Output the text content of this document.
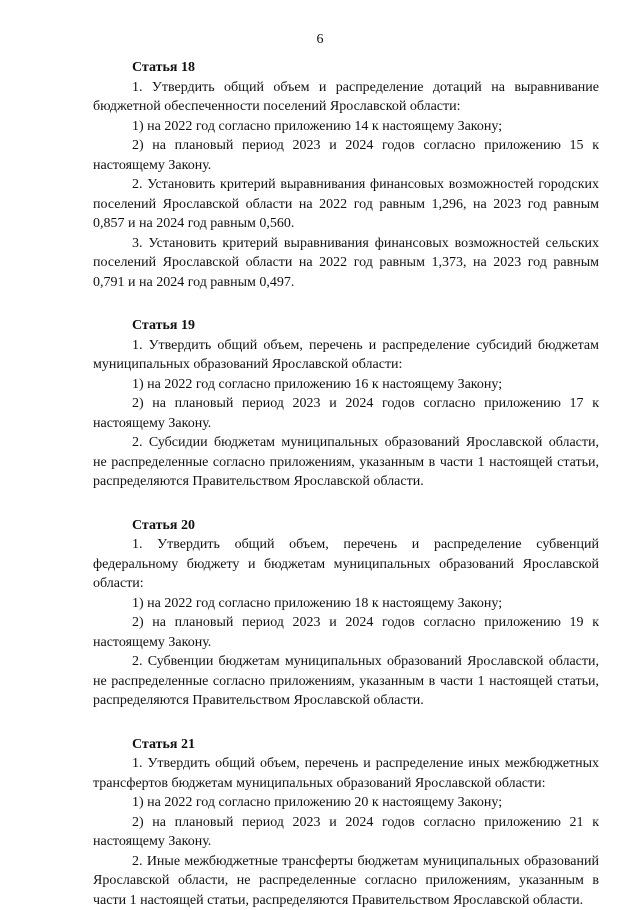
6

Статья 18

1. Утвердить общий объем и распределение дотаций на выравнивание бюджетной обеспеченности поселений Ярославской области:

1) на 2022 год согласно приложению 14 к настоящему Закону;

2) на плановый период 2023 и 2024 годов согласно приложению 15 к настоящему Закону.

2. Установить критерий выравнивания финансовых возможностей городских поселений Ярославской области на 2022 год равным 1,296, на 2023 год равным 0,857 и на 2024 год равным 0,560.

3. Установить критерий выравнивания финансовых возможностей сельских поселений Ярославской области на 2022 год равным 1,373, на 2023 год равным 0,791 и на 2024 год равным 0,497.

Статья 19

1. Утвердить общий объем, перечень и распределение субсидий бюджетам муниципальных образований Ярославской области:

1) на 2022 год согласно приложению 16 к настоящему Закону;

2) на плановый период 2023 и 2024 годов согласно приложению 17 к настоящему Закону.

2. Субсидии бюджетам муниципальных образований Ярославской области, не распределенные согласно приложениям, указанным в части 1 настоящей статьи, распределяются Правительством Ярославской области.

Статья 20

1. Утвердить общий объем, перечень и распределение субвенций федеральному бюджету и бюджетам муниципальных образований Ярославской области:

1) на 2022 год согласно приложению 18 к настоящему Закону;

2) на плановый период 2023 и 2024 годов согласно приложению 19 к настоящему Закону.

2. Субвенции бюджетам муниципальных образований Ярославской области, не распределенные согласно приложениям, указанным в части 1 настоящей статьи, распределяются Правительством Ярославской области.

Статья 21

1. Утвердить общий объем, перечень и распределение иных межбюджетных трансфертов бюджетам муниципальных образований Ярославской области:

1) на 2022 год согласно приложению 20 к настоящему Закону;

2) на плановый период 2023 и 2024 годов согласно приложению 21 к настоящему Закону.

2. Иные межбюджетные трансферты бюджетам муниципальных образований Ярославской области, не распределенные согласно приложениям, указанным в части 1 настоящей статьи, распределяются Правительством Ярославской области.
